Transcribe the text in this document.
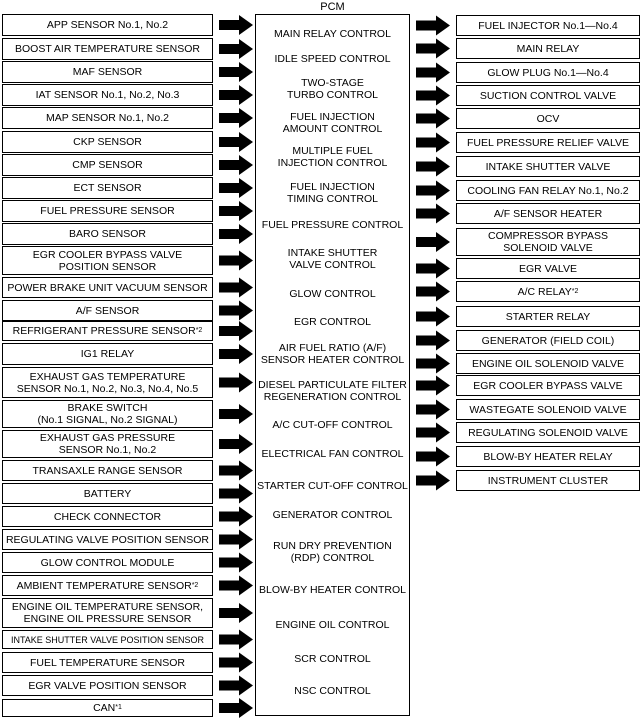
PCM
MAIN RELAY CONTROL
IDLE SPEED CONTROL
TWO-STAGE
TURBO CONTROL
FUEL INJECTION
AMOUNT CONTROL
MULTIPLE FUEL
INJECTION CONTROL
FUEL INJECTION
TIMING CONTROL
FUEL PRESSURE CONTROL
INTAKE SHUTTER
VALVE CONTROL
GLOW CONTROL
EGR CONTROL
AIR FUEL RATIO (A/F)
SENSOR HEATER CONTROL
DIESEL PARTICULATE FILTER
REGENERATION CONTROL
A/C CUT-OFF CONTROL
ELECTRICAL FAN CONTROL
STARTER CUT-OFF CONTROL
GENERATOR CONTROL
RUN DRY PREVENTION
(RDP) CONTROL
BLOW-BY HEATER CONTROL
ENGINE OIL CONTROL
SCR CONTROL
NSC CONTROL
APP SENSOR No.1, No.2
BOOST AIR TEMPERATURE SENSOR
MAF SENSOR
IAT SENSOR No.1, No.2, No.3
MAP SENSOR No.1, No.2
CKP SENSOR
CMP SENSOR
ECT SENSOR
FUEL PRESSURE SENSOR
BARO SENSOR
EGR COOLER BYPASS VALVE
POSITION SENSOR
POWER BRAKE UNIT VACUUM SENSOR
A/F SENSOR
REFRIGERANT PRESSURE SENSOR *2
IG1 RELAY
EXHAUST GAS TEMPERATURE
SENSOR No.1, No.2, No.3, No.4, No.5
BRAKE SWITCH
(No.1 SIGNAL, No.2 SIGNAL)
EXHAUST GAS PRESSURE
SENSOR No.1, No.2
TRANSAXLE RANGE SENSOR
BATTERY
CHECK CONNECTOR
REGULATING VALVE POSITION SENSOR
GLOW CONTROL MODULE
AMBIENT TEMPERATURE SENSOR *2
ENGINE OIL TEMPERATURE SENSOR,
ENGINE OIL PRESSURE SENSOR
INTAKE SHUTTER VALVE POSITION SENSOR
FUEL TEMPERATURE SENSOR
EGR VALVE POSITION SENSOR
CAN *1
FUEL INJECTOR No.1—No.4
MAIN RELAY
GLOW PLUG No.1—No.4
SUCTION CONTROL VALVE
OCV
FUEL PRESSURE RELIEF VALVE
INTAKE SHUTTER VALVE
COOLING FAN RELAY No.1, No.2
A/F SENSOR HEATER
COMPRESSOR BYPASS
SOLENOID VALVE
EGR VALVE
A/C RELAY *2
STARTER RELAY
GENERATOR (FIELD COIL)
ENGINE OIL SOLENOID VALVE
EGR COOLER BYPASS VALVE
WASTEGATE SOLENOID VALVE
REGULATING SOLENOID VALVE
BLOW-BY HEATER RELAY
INSTRUMENT CLUSTER
